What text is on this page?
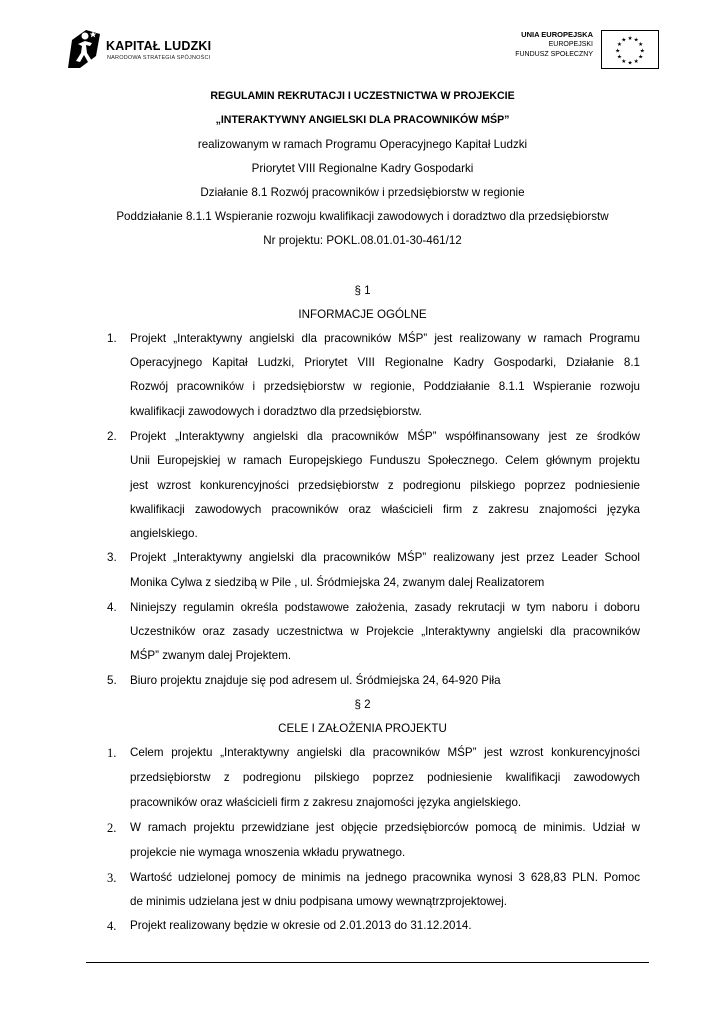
KAPITAŁ LUDZKI
NARODOWA STRATEGIA SPÓJNOŚCI
UNIA EUROPEJSKA
EUROPEJSKI
FUNDUSZ SPOŁECZNY
★ ★
★
★
★
★
★
★
★
★
★
★
REGULAMIN REKRUTACJI I UCZESTNICTWA W PROJEKCIE
„INTERAKTYWNY ANGIELSKI DLA PRACOWNIKÓW MŚP”
realizowanym w ramach Programu Operacyjnego Kapitał Ludzki
Priorytet VIII Regionalne Kadry Gospodarki
Działanie 8.1 Rozwój pracowników i przedsiębiorstw w regionie
Poddziałanie 8.1.1 Wspieranie rozwoju kwalifikacji zawodowych i doradztwo dla przedsiębiorstw
Nr projektu: POKL.08.01.01-30-461/12
§ 1
INFORMACJE OGÓLNE
1. Projekt „Interaktywny angielski dla pracowników MŚP” jest realizowany w ramach Programu
Operacyjnego Kapitał Ludzki, Priorytet VIII Regionalne Kadry Gospodarki, Działanie 8.1
Rozwój pracowników i przedsiębiorstw w regionie, Poddziałanie 8.1.1 Wspieranie rozwoju
kwalifikacji zawodowych i doradztwo dla przedsiębiorstw.
2. Projekt „Interaktywny angielski dla pracowników MŚP” współfinansowany jest ze środków
Unii Europejskiej w ramach Europejskiego Funduszu Społecznego. Celem głównym projektu
jest wzrost konkurencyjności przedsiębiorstw z podregionu pilskiego poprzez podniesienie
kwalifikacji zawodowych pracowników oraz właścicieli firm z zakresu znajomości języka
angielskiego.
3. Projekt „Interaktywny angielski dla pracowników MŚP” realizowany jest przez Leader School
Monika Cylwa z siedzibą w Pile , ul. Śródmiejska 24, zwanym dalej Realizatorem
4. Niniejszy regulamin określa podstawowe założenia, zasady rekrutacji w tym naboru i doboru
Uczestników oraz zasady uczestnictwa w Projekcie „Interaktywny angielski dla pracowników
MŚP” zwanym dalej Projektem.
5. Biuro projektu znajduje się pod adresem ul. Śródmiejska 24, 64-920 Piła
§ 2
CELE I ZAŁOŻENIA PROJEKTU
1. Celem projektu „Interaktywny angielski dla pracowników MŚP” jest wzrost konkurencyjności
przedsiębiorstw z podregionu pilskiego poprzez podniesienie kwalifikacji zawodowych
pracowników oraz właścicieli firm z zakresu znajomości języka angielskiego.
2. W ramach projektu przewidziane jest objęcie przedsiębiorców pomocą de minimis. Udział w
projekcie nie wymaga wnoszenia wkładu prywatnego.
3. Wartość udzielonej pomocy de minimis na jednego pracownika wynosi 3 628,83 PLN. Pomoc
de minimis udzielana jest w dniu podpisana umowy wewnątrzprojektowej.
4. Projekt realizowany będzie w okresie od 2.01.2013 do 31.12.2014.
